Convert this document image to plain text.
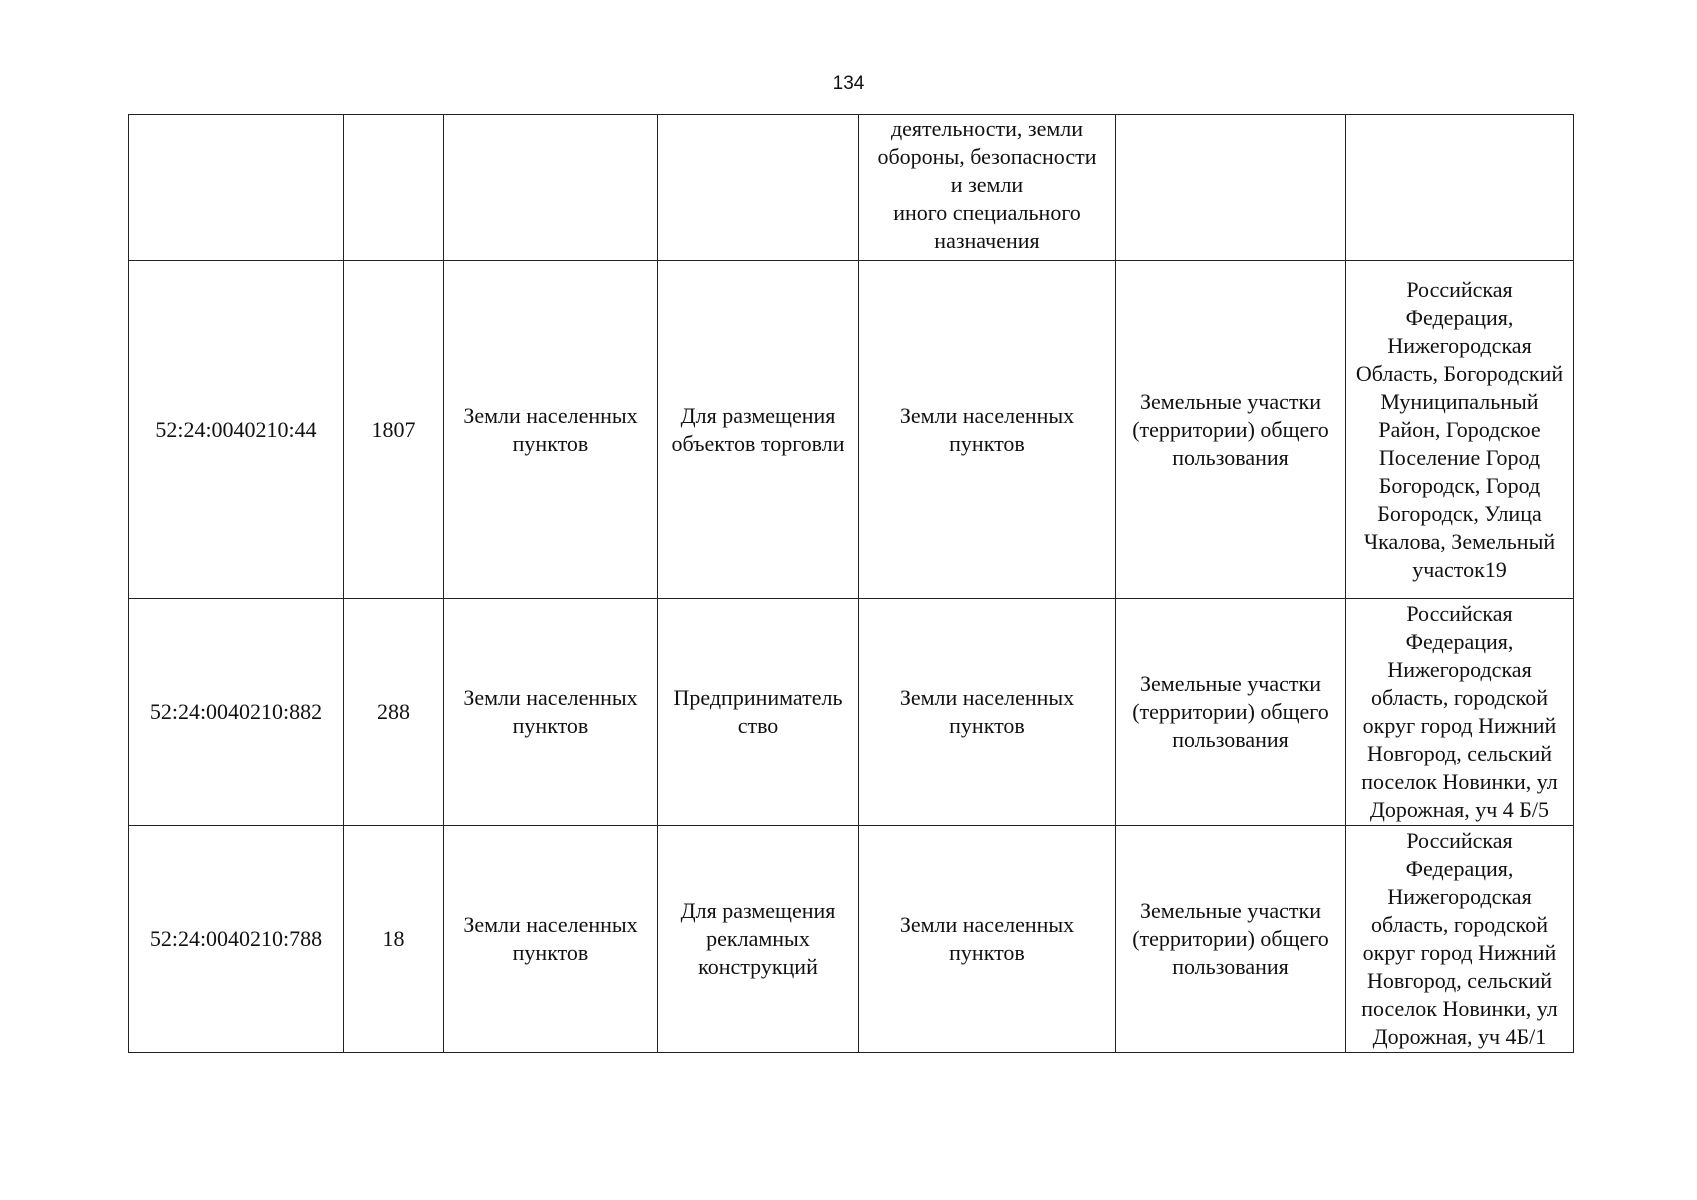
134

				деятельности, земли
обороны, безопасности
и земли
иного специального
назначения		

52:24:0040210:44	1807	Земли населенных пунктов	Для размещения объектов торговли	Земли населенных пунктов	Земельные участки (территории) общего пользования	Российская Федерация, Нижегородская Область, Богородский Муниципальный Район, Городское Поселение Город Богородск, Город Богородск, Улица Чкалова, Земельный участок19
52:24:0040210:882	288	Земли населенных пунктов	Предприниматель ство	Земли населенных пунктов	Земельные участки (территории) общего пользования	Российская Федерация, Нижегородская область, городской округ город Нижний Новгород, сельский поселок Новинки, ул Дорожная, уч 4 Б/5
52:24:0040210:788	18	Земли населенных пунктов	Для размещения рекламных конструкций	Земли населенных пунктов	Земельные участки (территории) общего пользования	Российская Федерация, Нижегородская область, городской округ город Нижний Новгород, сельский поселок Новинки, ул Дорожная, уч 4Б/1
